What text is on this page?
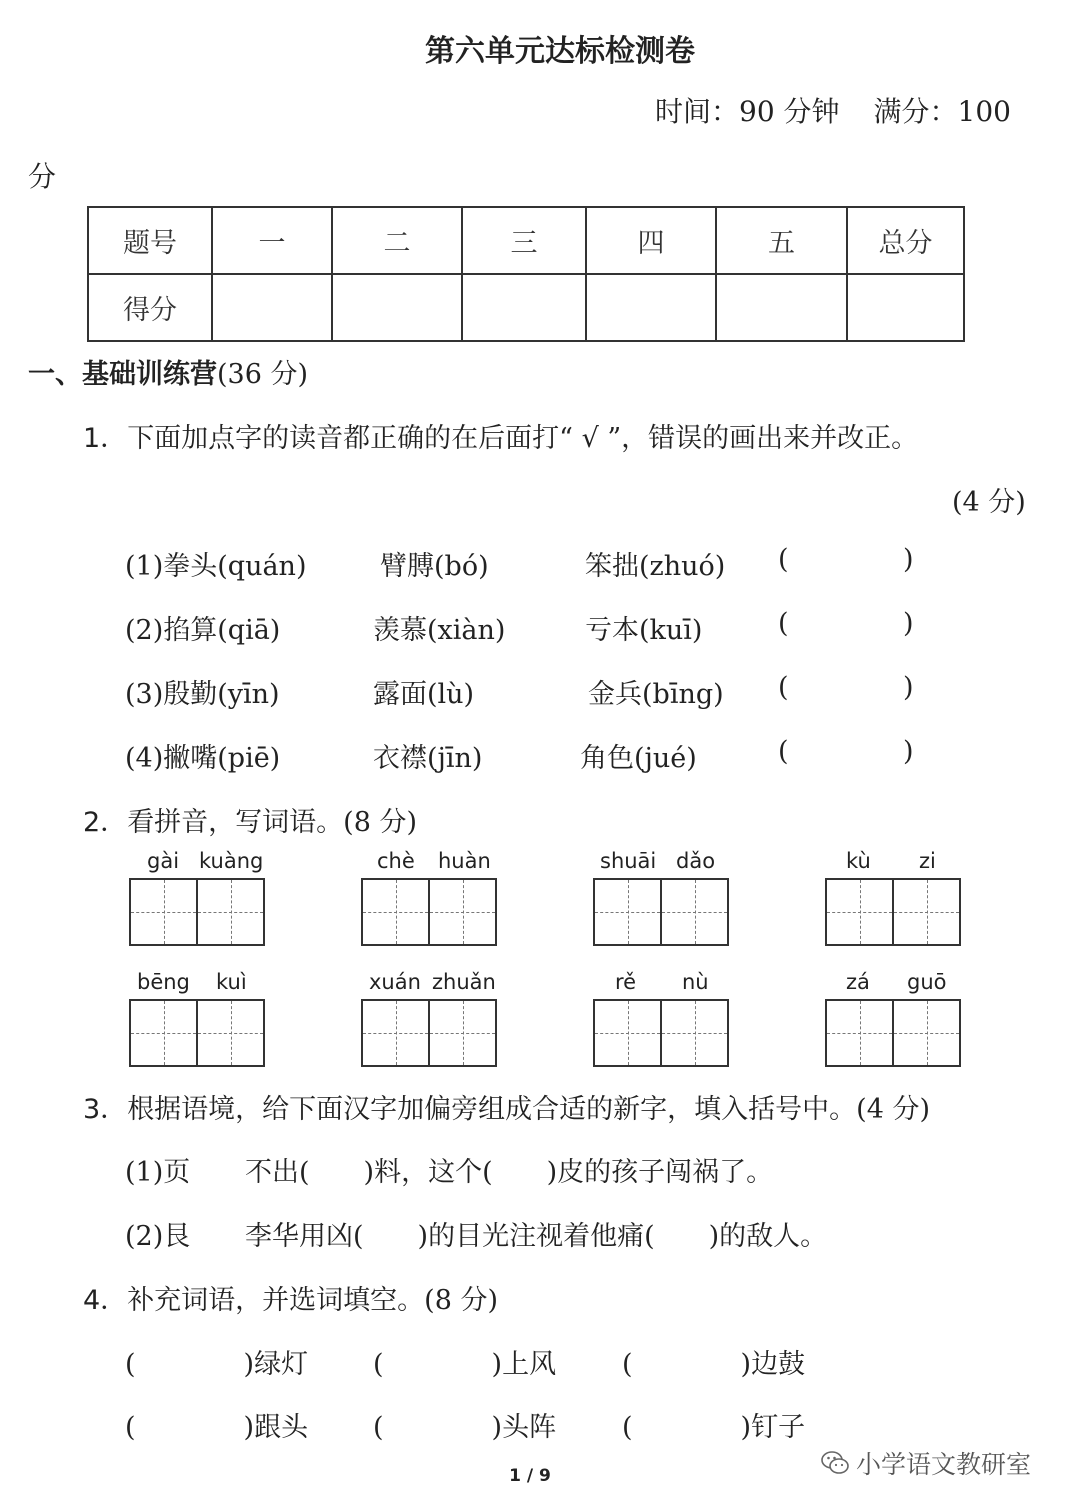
第六单元达标检测卷
时间：90 分钟 满分：100
分
题号	一	二	三	四	五	总分
得分						
一、基础训练营(36 分)
1．下面加点字的读音都正确的在后面打“ √ ”，错误的画出来并改正。
(4 分)
(1)拳头(quán)	臂膊(bó)	笨拙(zhuó) (	)
(2)掐算(qiā)	羡慕(xiàn)	亏本(kuī)	(	)
(3)殷勤(yīn)	露面(lù)	金兵(bīng) (	)
(4)撇嘴(piē)	衣襟(jīn)	角色(jué)	(	)
2．看拼音，写词语。(8 分)
gài kuàng	chè huàn	shuāi dǎo	kù zi
bēng kuì	xuán zhuǎn	rě nù	zá guō
3．根据语境，给下面汉字加偏旁组成合适的新字，填入括号中。(4 分)
(1)页 不出(　　)料，这个(　　)皮的孩子闯祸了。
(2)艮 李华用凶(　　)的目光注视着他痛(　　)的敌人。
4．补充词语，并选词填空。(8 分)
(　　　　)绿灯 (　　　　)上风 (　　　　)边鼓
(　　　　)跟头 (　　　　)头阵 (　　　　)钉子
1 / 9	小学语文教研室
